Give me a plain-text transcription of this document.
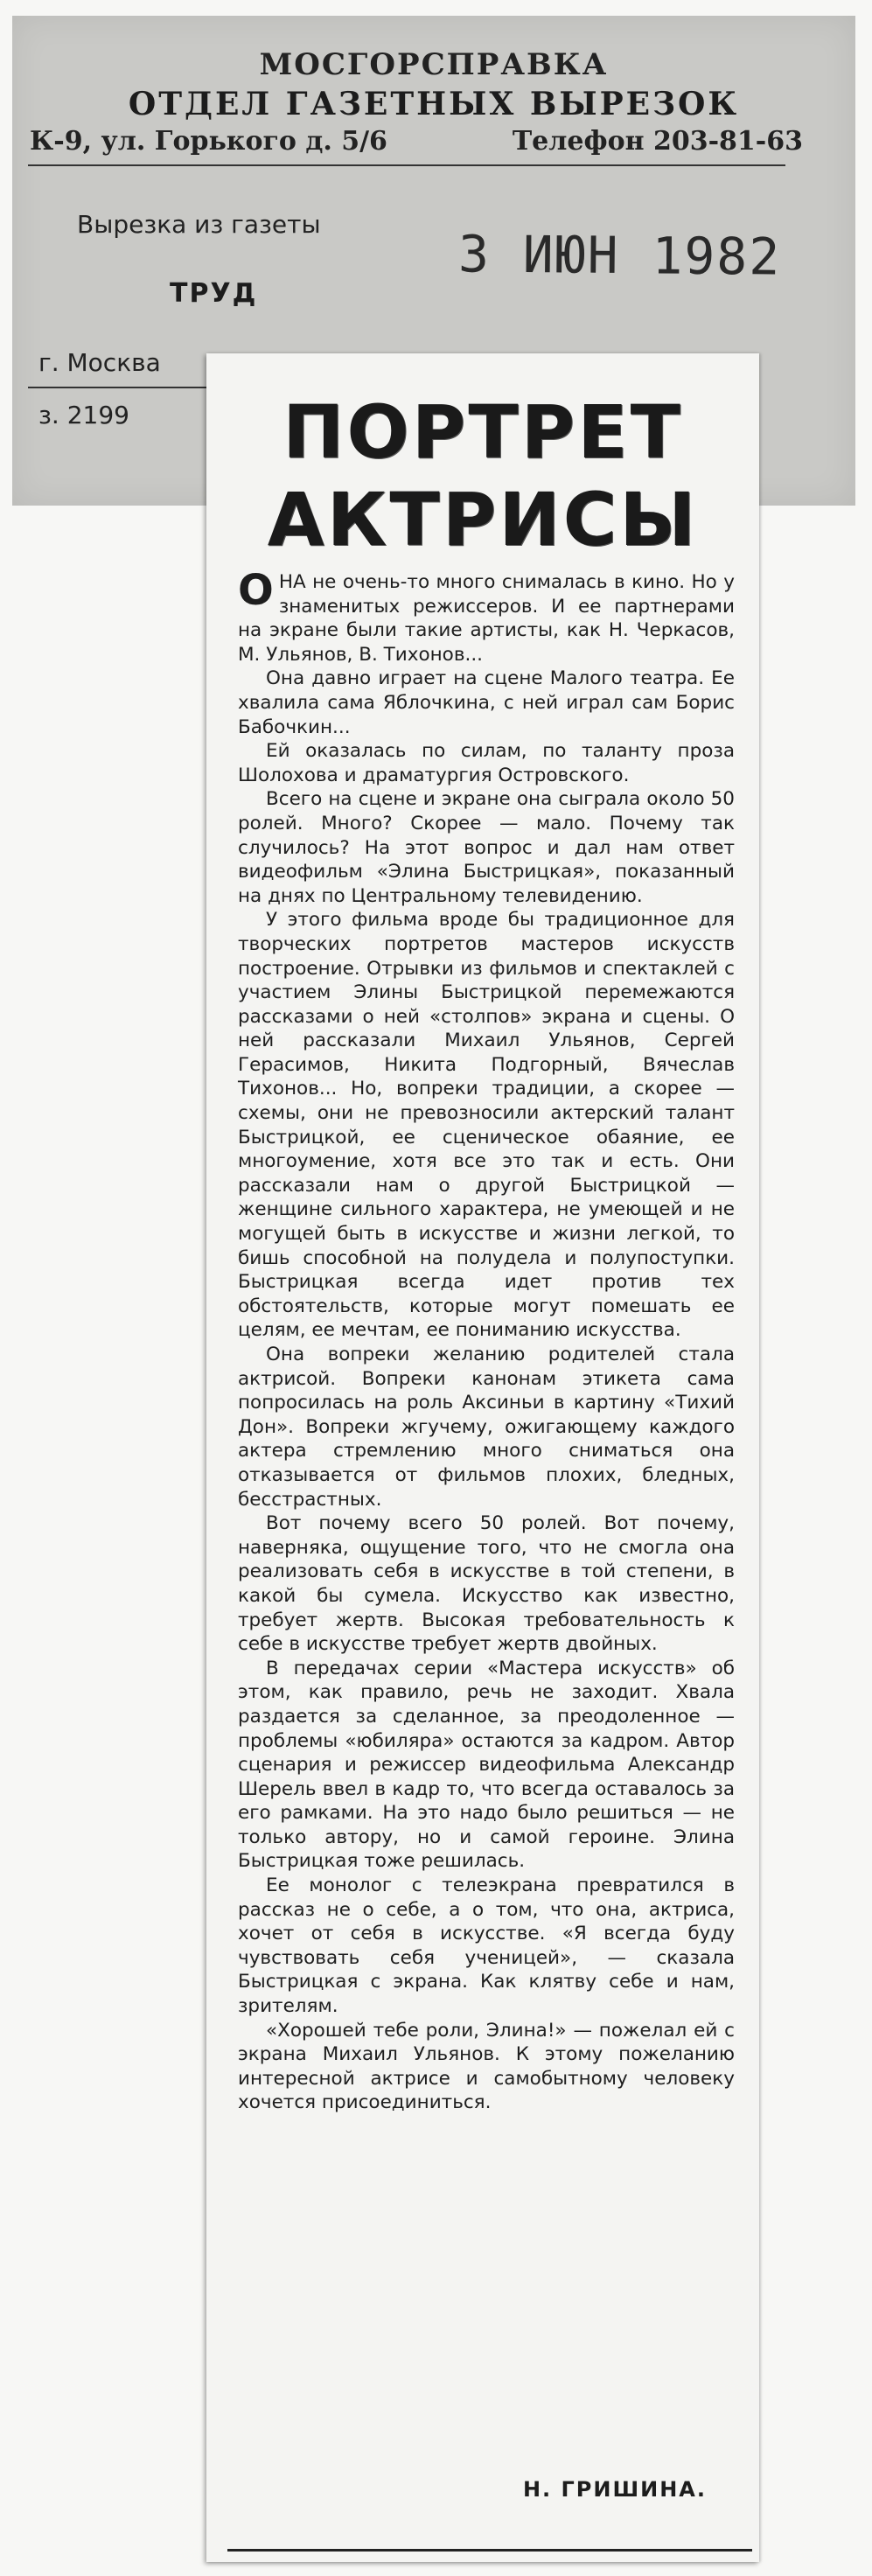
МОСГОРСПРАВКА
ОТДЕЛ ГАЗЕТНЫХ ВЫРЕЗОК
К-9, ул. Горького д. 5/6	Телефон 203-81-63
Вырезка из газеты
ТРУД
3 ИЮН 1982
г. Москва
з. 2199	ПОРТРЕТ
АКТРИСЫ

ОНА не очень-то много снималась в кино. Но у знаменитых режиссеров. И ее партнерами на экране были такие артисты, как Н. Черкасов, М. Ульянов, В. Тихонов...

Она давно играет на сцене Малого театра. Ее хвалила сама Яблочкина, с ней играл сам Борис Бабочкин...

Ей оказалась по силам, по таланту проза Шолохова и драматургия Островского.

Всего на сцене и экране она сыграла около 50 ролей. Много? Скорее — мало. Почему так случилось? На этот вопрос и дал нам ответ видеофильм «Элина Быстрицкая», показанный на днях по Центральному телевидению.

У этого фильма вроде бы традиционное для творческих портретов мастеров искусств построение. Отрывки из фильмов и спектаклей с участием Элины Быстрицкой перемежаются рассказами о ней «столпов» экрана и сцены. О ней рассказали Михаил Ульянов, Сергей Герасимов, Никита Подгорный, Вячеслав Тихонов... Но, вопреки традиции, а скорее — схемы, они не превозносили актерский талант Быстрицкой, ее сценическое обаяние, ее многоумение, хотя все это так и есть. Они рассказали нам о другой Быстрицкой — женщине сильного характера, не умеющей и не могущей быть в искусстве и жизни легкой, то бишь способной на полудела и полупоступки. Быстрицкая всегда идет против тех обстоятельств, которые могут помешать ее целям, ее мечтам, ее пониманию искусства.

Она вопреки желанию родителей стала актрисой. Вопреки канонам этикета сама попросилась на роль Аксиньи в картину «Тихий Дон». Вопреки жгучему, ожигающему каждого актера стремлению много сниматься она отказывается от фильмов плохих, бледных, бесстрастных.

Вот почему всего 50 ролей. Вот почему, наверняка, ощущение того, что не смогла она реализовать себя в искусстве в той степени, в какой бы сумела. Искусство как известно, требует жертв. Высокая требовательность к себе в искусстве требует жертв двойных.

В передачах серии «Мастера искусств» об этом, как правило, речь не заходит. Хвала раздается за сделанное, за преодоленное — проблемы «юбиляра» остаются за кадром. Автор сценария и режиссер видеофильма Александр Шерель ввел в кадр то, что всегда оставалось за его рамками. На это надо было решиться — не только автору, но и самой героине. Элина Быстрицкая тоже решилась.

Ее монолог с телеэкрана превратился в рассказ не о себе, а о том, что она, актриса, хочет от себя в искусстве. «Я всегда буду чувствовать себя ученицей», — сказала Быстрицкая с экрана. Как клятву себе и нам, зрителям.

«Хорошей тебе роли, Элина!» — пожелал ей с экрана Михаил Ульянов. К этому пожеланию интересной актрисе и самобытному человеку хочется присоединиться.

Н. ГРИШИНА.
